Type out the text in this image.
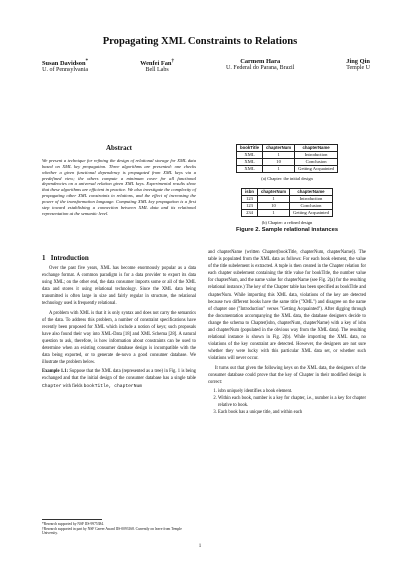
Propagating XML Constraints to Relations
Susan Davidson*
U. of Pennsylvania
Wenfei Fan†
Bell Labs
Carmem Hara
U. Federal do Parana, Brazil
Jing Qin
Temple U
Abstract

We present a technique for refining the design of relational storage for XML data based on XML key propagation. Three algorithms are presented: one checks whether a given functional dependency is propagated from XML keys via a predefined view; the others compute a minimum cover for all functional dependencies on a universal relation given XML keys. Experimental results show that these algorithms are efficient in practice. We also investigate the complexity of propagating other XML constraints to relations, and the effect of increasing the power of the transformation language. Computing XML key propagation is a first step toward establishing a connection between XML data and its relational representation at the semantic level.

1 Introduction

Over the past five years, XML has become enormously popular as a data exchange format. A common paradigm is for a data provider to export its data using XML; on the other end, the data consumer imports some or all of the XML data and stores it using relational technology. Since the XML data being transmitted is often large in size and fairly regular in structure, the relational technology used is frequently relational.

A problem with XML is that it is only syntax and does not carry the semantics of the data. To address this problem, a number of constraint specifications have recently been proposed for XML which include a notion of keys; such proposals have also found their way into XML-Data [18] and XML Schema [28]. A natural question to ask, therefore, is how information about constraints can be used to determine when an existing consumer database design is incompatible with the data being exported, or to generate de-novo a good consumer database. We illustrate the problem below.

Example 1.1: Suppose that the XML data (represented as a tree) in Fig. 1 is being exchanged and that the initial design of the consumer database has a single table Chapter with fields bookTitle, chapterNum

*Research supported by NSF IIS-9975384.
†Research supported in part by NSF Career Award IIS-0093168. Currently on leave from Temple University.
bookTitle	chapterNum	chapterName
XML	1	Introduction
XML	10	Conclusion
XML	1	Getting Acquainted
(a) Chapter: the initial design
isbn	chapterNum	chapterName
123	1	Introduction
123	10	Conclusion
234	1	Getting Acquainted
(b) Chapter: a refined design
Figure 2. Sample relational instances

and chapterName (written Chapter(bookTitle, chapterNum, chapterName)). The table is populated from the XML data as follows: For each book element, the value of the title subelement is extracted. A tuple is then created in the Chapter relation for each chapter subelement containing the title value for bookTitle, the number value for chapterNum, and the name value for chapterName (see Fig. 2(a) for the resulting relational instance.) The key of the Chapter table has been specified as bookTitle and chapterNum. While importing this XML data, violations of the key are detected because two different books have the same title ("XML") and disagree on the name of chapter one ("Introduction" verses "Getting Acquainted"). After digging through the documentation accompanying the XML data, the database designers decide to change the schema to Chapter(isbn, chapterNum, chapterName) with a key of isbn and chapterNum (populated in the obvious way from the XML data). The resulting relational instance is shown in Fig. 2(b). While importing the XML data, no violations of the key constraint are detected. However, the designers are not sure whether they were lucky with this particular XML data set, or whether such violations will never occur.

It turns out that given the following keys on the XML data, the designers of the consumer database could prove that the key of Chapter in their modified design is correct:

1. isbn uniquely identifies a book element.
2. Within each book, number is a key for chapter, i.e., number is a key for chapter relative to book.
3. Each book has a unique title, and within each
1
